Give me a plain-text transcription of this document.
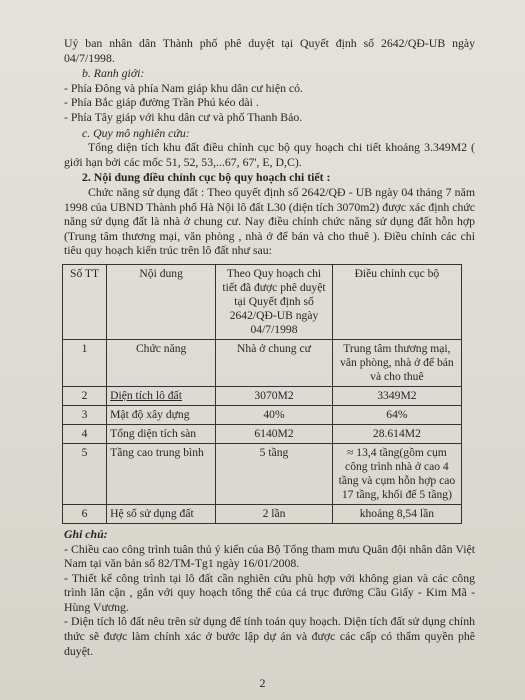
Uỷ ban nhân dân Thành phố phê duyệt tại Quyết định số 2642/QĐ-UB ngày 04/7/1998.

b. Ranh giới:

- Phía Đông và phía Nam giáp khu dân cư hiện có.

- Phía Bắc giáp đường Trần Phú kéo dài .

- Phía Tây giáp với khu dân cư và phố Thanh Bảo.

c. Quy mô nghiên cứu:

Tổng diện tích khu đất điều chỉnh cục bộ quy hoạch chi tiết khoảng 3.349M2 ( giới hạn bởi các mốc 51, 52, 53,...67, 67', E, D,C).

2. Nội dung điều chỉnh cục bộ quy hoạch chi tiết :

Chức năng sử dụng đất : Theo quyết định số 2642/QĐ - UB ngày 04 tháng 7 năm 1998 của UBND Thành phố Hà Nội lô đất L30 (diện tích 3070m2) được xác định chức năng sử dụng đất là nhà ở chung cư. Nay điều chỉnh chức năng sử dụng đất hỗn hợp (Trung tâm thương mại, văn phòng , nhà ở để bán và cho thuê ). Điều chỉnh các chỉ tiêu quy hoạch kiến trúc trên lô đất như sau:

Số TT	Nội dung	Theo Quy hoạch chi tiết đã được phê duyệt tại Quyết định số 2642/QĐ-UB ngày 04/7/1998	Điều chỉnh cục bộ
1	Chức năng	Nhà ở chung cư	Trung tâm thương mại, văn phòng, nhà ở để bán và cho thuê
2	Diện tích lô đất	3070M2	3349M2
3	Mật độ xây dựng	40%	64%
4	Tổng diện tích sàn	6140M2	28.614M2
5	Tầng cao trung bình	5 tầng	≈ 13,4 tầng(gồm cụm công trình nhà ở cao 4 tầng và cụm hỗn hợp cao 17 tầng, khối đế 5 tầng)
6	Hệ số sử dụng đất	2 lần	khoảng 8,54 lần

Ghi chú:

- Chiều cao công trình tuân thủ ý kiến của Bộ Tổng tham mưu Quân đội nhân dân Việt Nam tại văn bản số 82/TM-Tg1 ngày 16/01/2008.

- Thiết kế công trình tại lô đất cần nghiên cứu phù hợp với không gian và các công trình lân cận , gắn với quy hoạch tổng thể của cả trục đường Cầu Giấy - Kim Mã - Hùng Vương.

- Diện tích lô đất nêu trên sử dụng để tính toán quy hoạch. Diện tích đất sử dụng chính thức sẽ được làm chính xác ở bước lập dự án và được các cấp có thẩm quyền phê duyệt.

2
